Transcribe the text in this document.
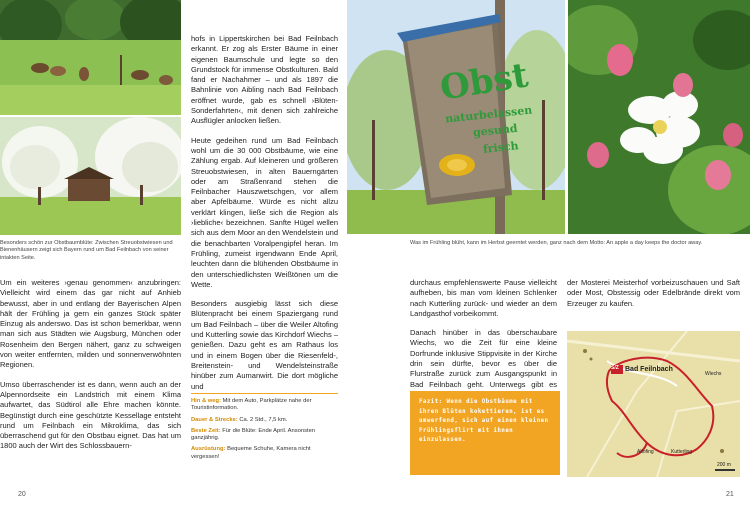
Besonders schön zur Obstbaumblüte: Zwischen Streuobstwiesen und Bienenhäusern zeigt sich Bayern rund um Bad Feilnbach von seiner intakten Seite.

Um ein weiteres ›genau genommen‹ anzubringen: Vielleicht wird einem das gar nicht auf Anhieb bewusst, aber in und entlang der Bayerischen Alpen hält der Frühling ja gern ein ganzes Stück später Einzug als anderswo. Das ist schon bemerkbar, wenn man sich aus Städten wie Augsburg, München oder Rosenheim den Bergen nähert, ganz zu schweigen von weiter entfernten, milden und sonnenverwöhnten Regionen.

Umso überraschender ist es dann, wenn auch an der Alpennordseite ein Landstrich mit einem Klima aufwartet, das Südtirol alle Ehre machen könnte. Begünstigt durch eine geschützte Kessellage entsteht rund um Feilnbach ein Mikroklima, das sich überraschend gut für den Obstbau eignet. Das hat um 1800 auch der Wirt des Schlossbauern-

hofs in Lippertskirchen bei Bad Feilnbach erkannt. Er zog als Erster Bäume in einer eigenen Baumschule und legte so den Grundstock für immense Obstkulturen. Bald fand er Nachahmer – und als 1897 die Bahnlinie von Aibling nach Bad Feilnbach eröffnet wurde, gab es schnell ›Blüten-Sonderfahrten‹, mit denen sich zahlreiche Ausflügler anlocken ließen.

Heute gedeihen rund um Bad Feilnbach wohl um die 30 000 Obstbäume, wie eine Zählung ergab. Auf kleineren und größeren Streuobstwiesen, in alten Bauerngärten oder am Straßenrand stehen die Feilnbacher Hauszwetschgen, vor allem aber Apfelbäume. Würde es nicht allzu verklärt klingen, ließe sich die Region als ›liebliche‹ bezeichnen. Sanfte Hügel wellen sich aus dem Moor an den Wendelstein und die benachbarten Voralpengipfel heran. Im Frühling, zumeist irgendwann Ende April, leuchten dann die blühenden Obstbäume in den unterschiedlichsten Weißtönen um die Wette.

Besonders ausgiebig lässt sich diese Blütenpracht bei einem Spaziergang rund um Bad Feilnbach – über die Weiler Altofing und Kutterling sowie das Kirchdorf Wiechs – genießen. Dazu geht es am Rathaus los und in einem Bogen über die Riesenfeld-, Breitenstein- und Wendelsteinstraße hinüber zum Aumanwirt. Die dort mögliche und

Hin & weg: Mit dem Auto, Parkplätze nahe der Touristinformation.
Dauer & Strecke: Ca. 2 Std., 7,5 km.
Beste Zeit: Für die Blüte: Ende April. Ansonsten ganzjährig.
Ausrüstung: Bequeme Schuhe, Kamera nicht vergessen!
20
Obst
naturbelassen
gesund
frisch
Was im Frühling blüht, kann im Herbst geerntet werden, ganz nach dem Motto: An apple a day keeps the doctor away.

durchaus empfehlenswerte Pause vielleicht aufheben, bis man vom kleinen Schlenker nach Kutterling zurück- und wieder an dem Landgasthof vorbeikommt.

Danach hinüber in das überschaubare Wiechs, wo die Zeit für eine kleine Dorfrunde inklusive Stippvisite in der Kirche drin sein dürfte, bevor es über die Flurstraße zurück zum Ausgangspunkt in Bad Feilnbach geht. Unterwegs gibt es

der Mosterei Meisterhof vorbeizuschauen und Saft oder Most, Obstessig oder Edelbrände direkt vom Erzeuger zu kaufen.

Fazit: Wenn die Obstbäume mit ihren Blüten kokettieren, ist es umwerfend, sich auf einen kleinen Frühlingsflirt mit ihnen einzulassen.
S/Z Bad Feilnbach
Wiechs
Kutterling
Altofing
200 m
21
